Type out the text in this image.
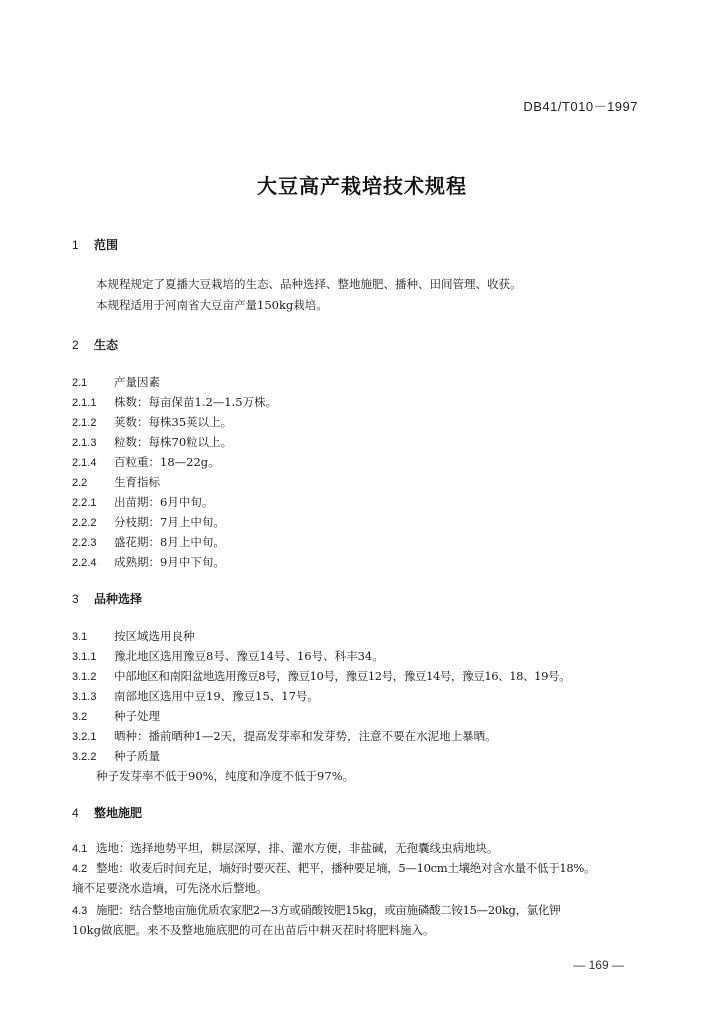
DB41/T010－1997
大豆高产栽培技术规程
1 范围
本规程规定了夏播大豆栽培的生态、品种选择、整地施肥、播种、田间管理、收获。
本规程适用于河南省大豆亩产量150kg栽培。
2 生态
2.1 产量因素
2.1.1 株数：每亩保苗1.2—1.5万株。
2.1.2 荚数：每株35荚以上。
2.1.3 粒数：每株70粒以上。
2.1.4 百粒重：18—22g。
2.2 生育指标
2.2.1 出苗期：6月中旬。
2.2.2 分枝期：7月上中旬。
2.2.3 盛花期：8月上中旬。
2.2.4 成熟期：9月中下旬。
3 品种选择
3.1 按区域选用良种
3.1.1 豫北地区选用豫豆8号、豫豆14号、16号、科丰34。
3.1.2 中部地区和南阳盆地选用豫豆8号，豫豆10号，豫豆12号，豫豆14号，豫豆16、18、19号。
3.1.3 南部地区选用中豆19、豫豆15、17号。
3.2 种子处理
3.2.1 晒种：播前晒种1—2天，提高发芽率和发芽势，注意不要在水泥地上暴晒。
3.2.2 种子质量
种子发芽率不低于90%，纯度和净度不低于97%。
4 整地施肥
4.1 选地：选择地势平坦，耕层深厚，排、灌水方便，非盐碱，无孢囊线虫病地块。
4.2 整地：收麦后时间充足，墒好时要灭茬、耙平，播种要足墒，5—10cm土壤绝对含水量不低于18%。
墒不足要浇水造墒，可先浇水后整地。
4.3 施肥：结合整地亩施优质农家肥2—3方或硝酸铵肥15kg，或亩施磷酸二铵15—20kg，氯化钾
10kg做底肥。来不及整地施底肥的可在出苗后中耕灭茬时将肥料施入。
— 169 —
